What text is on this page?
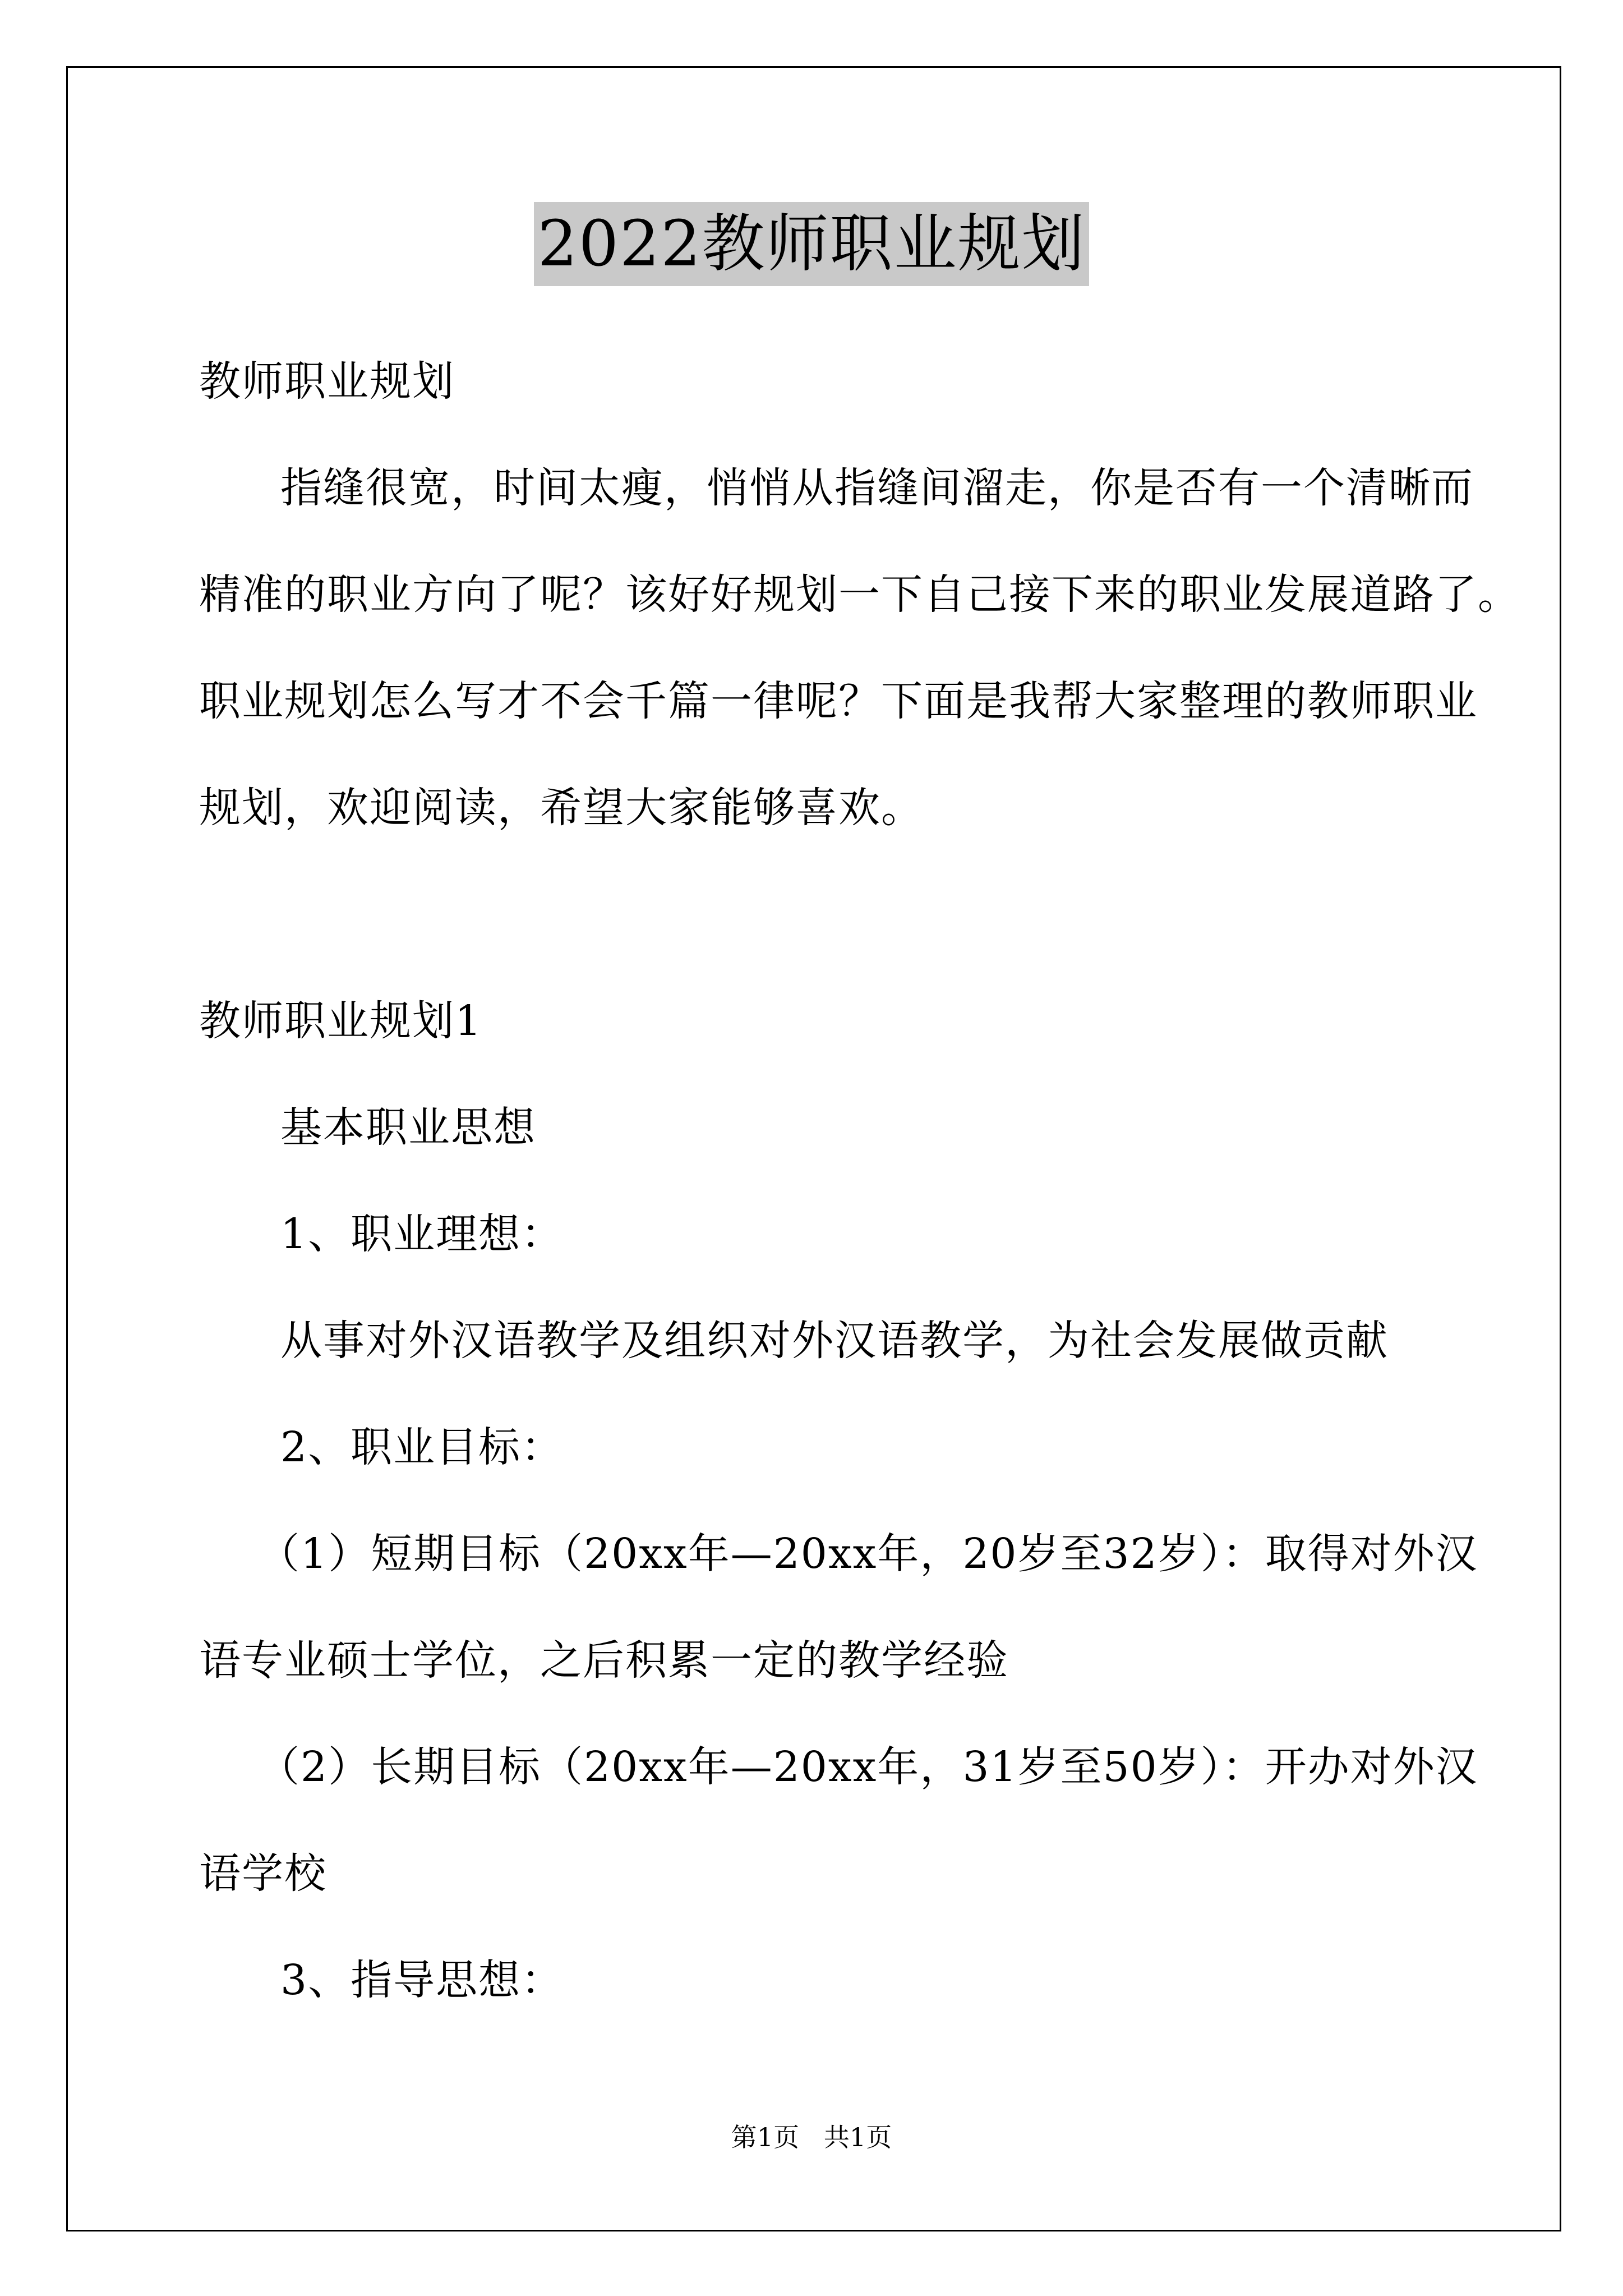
2022教师职业规划
教师职业规划
指缝很宽，时间太瘦，悄悄从指缝间溜走，你是否有一个清晰而
精准的职业方向了呢？该好好规划一下自己接下来的职业发展道路了。
职业规划怎么写才不会千篇一律呢？下面是我帮大家整理的教师职业
规划，欢迎阅读，希望大家能够喜欢。
教师职业规划1
基本职业思想
1、职业理想：
从事对外汉语教学及组织对外汉语教学，为社会发展做贡献
2、职业目标：
（1）短期目标（20xx年—20xx年，20岁至32岁）：取得对外汉
语专业硕士学位，之后积累一定的教学经验
（2）长期目标（20xx年—20xx年，31岁至50岁）：开办对外汉
语学校
3、指导思想：
第1页   共1页
